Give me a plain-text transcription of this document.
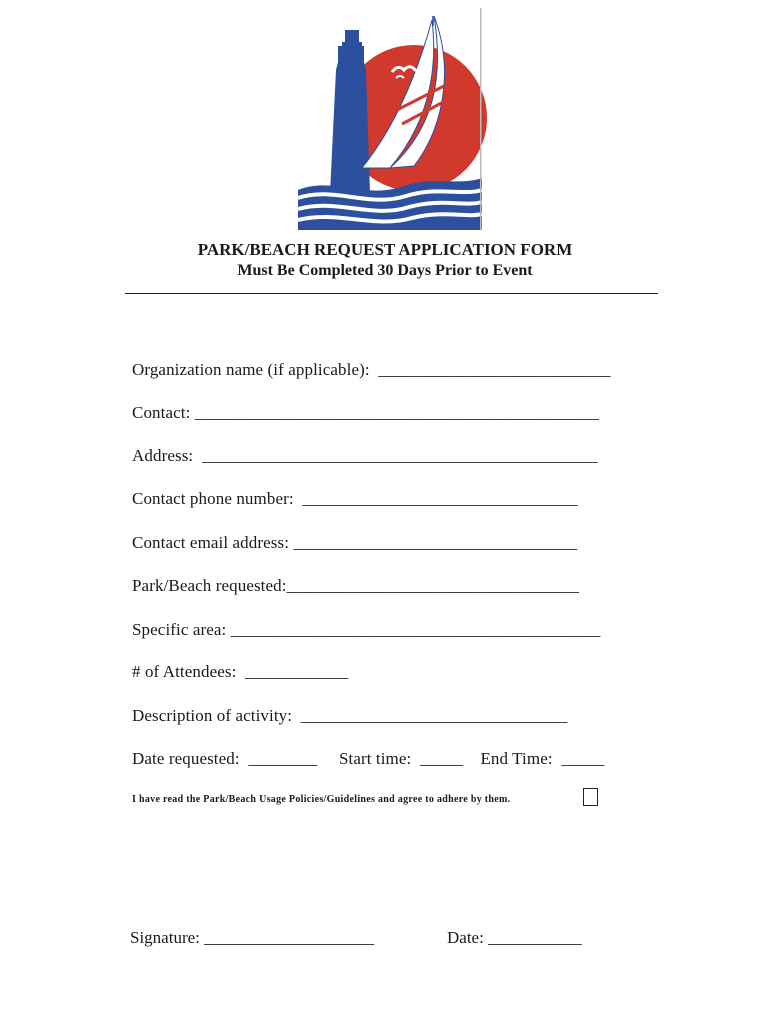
PARK/BEACH REQUEST APPLICATION FORM
Must Be Completed 30 Days Prior to Event
Organization name (if applicable):  ___________________________
Contact: _______________________________________________
Address:  ______________________________________________
Contact phone number:  ________________________________
Contact email address: _________________________________
Park/Beach requested:__________________________________
Specific area: ___________________________________________
# of Attendees:  ____________
Description of activity:  _______________________________
Date requested:  ________     Start time:  _____    End Time:  _____
I have read the Park/Beach Usage Policies/Guidelines and agree to adhere by them.
Signature: ____________________	Date: ___________
